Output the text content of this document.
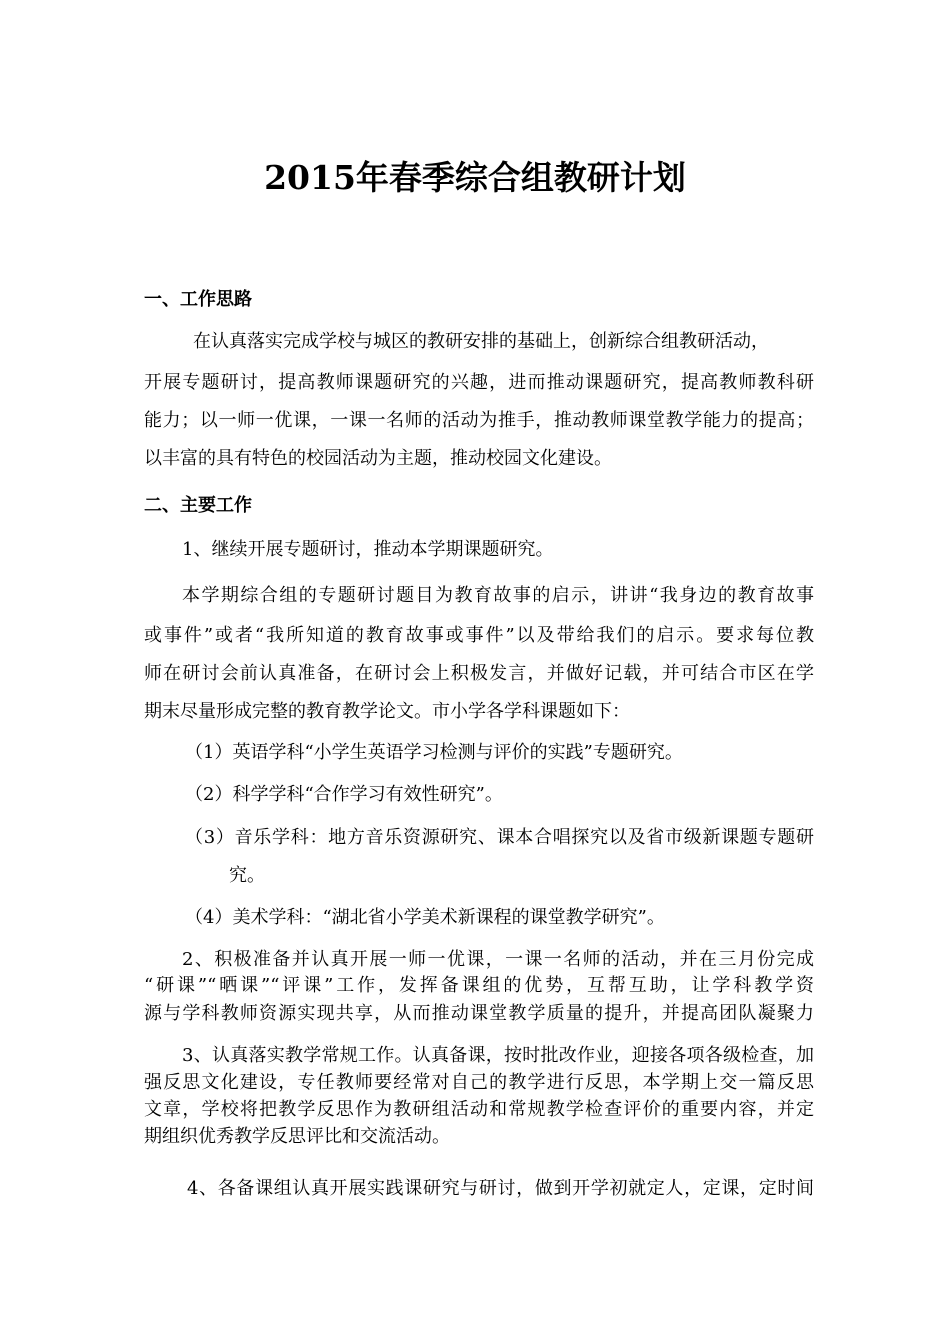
2015年春季综合组教研计划
一、工作思路
在认真落实完成学校与城区的教研安排的基础上，创新综合组教研活动，
开展专题研讨，提高教师课题研究的兴趣，进而推动课题研究，提高教师教科研
能力；以一师一优课，一课一名师的活动为推手，推动教师课堂教学能力的提高；
以丰富的具有特色的校园活动为主题，推动校园文化建设。
二、主要工作
1、继续开展专题研讨，推动本学期课题研究。
本学期综合组的专题研讨题目为教育故事的启示，讲讲“我身边的教育故事
或事件”或者“我所知道的教育故事或事件”以及带给我们的启示。要求每位教
师在研讨会前认真准备，在研讨会上积极发言，并做好记载，并可结合市区在学
期末尽量形成完整的教育教学论文。市小学各学科课题如下：
（1）英语学科“小学生英语学习检测与评价的实践”专题研究。
（2）科学学科“合作学习有效性研究”。
（3）音乐学科：地方音乐资源研究、课本合唱探究以及省市级新课题专题研
究。
（4）美术学科：“湖北省小学美术新课程的课堂教学研究”。
2、积极准备并认真开展一师一优课，一课一名师的活动，并在三月份完成
“研课”“晒课”“评课”工作，发挥备课组的优势，互帮互助，让学科教学资
源与学科教师资源实现共享，从而推动课堂教学质量的提升，并提高团队凝聚力
3、认真落实教学常规工作。认真备课，按时批改作业，迎接各项各级检查，加
强反思文化建设，专任教师要经常对自己的教学进行反思，本学期上交一篇反思
文章，学校将把教学反思作为教研组活动和常规教学检查评价的重要内容，并定
期组织优秀教学反思评比和交流活动。
4、各备课组认真开展实践课研究与研讨，做到开学初就定人，定课，定时间
